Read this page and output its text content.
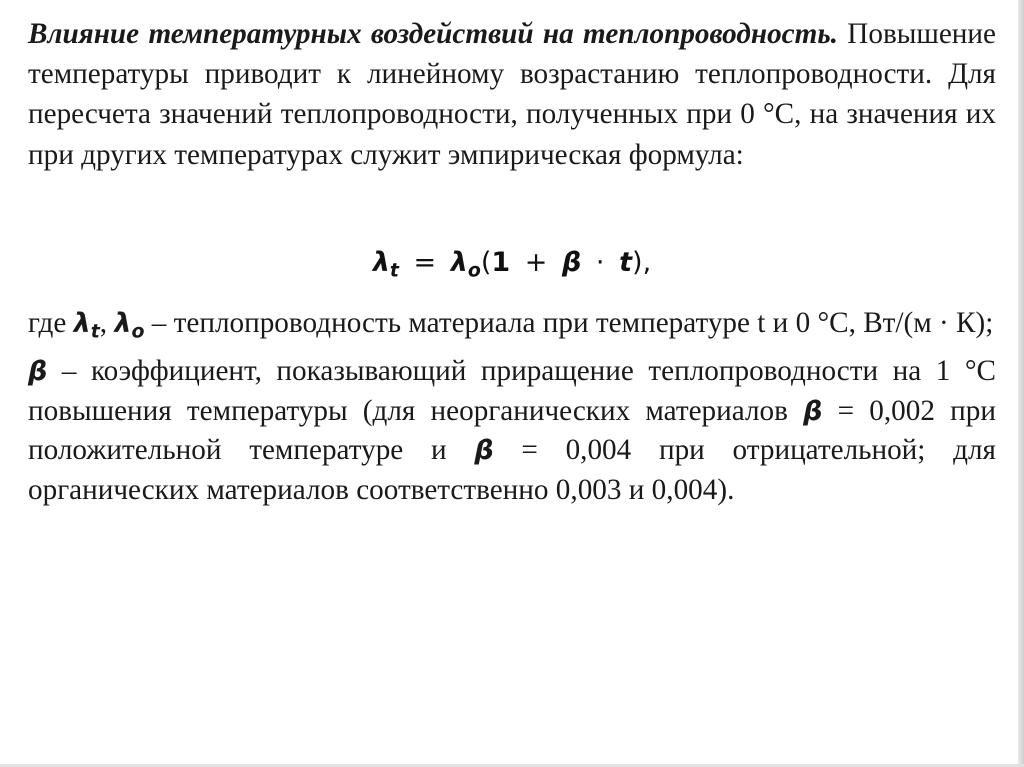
Влияние температурных воздействий на теплопроводность. Повышение температуры приводит к линейному возрастанию теплопроводности. Для пересчета значений теплопроводности, полученных при 0 °С, на значения их при других температурах служит эмпирическая формула:

$\lambda_t = \lambda_o(1 + \beta \cdot t)$,

где $\lambda_t$, $\lambda_o$ – теплопроводность материала при температуре t и 0 °С, Вт/(м · К);
β – коэффициент, показывающий приращение теплопроводности на 1 °С повышения температуры (для неорганических материалов β = 0,002 при положительной температуре и β = 0,004 при отрицательной; для органических материалов соответственно 0,003 и 0,004).
